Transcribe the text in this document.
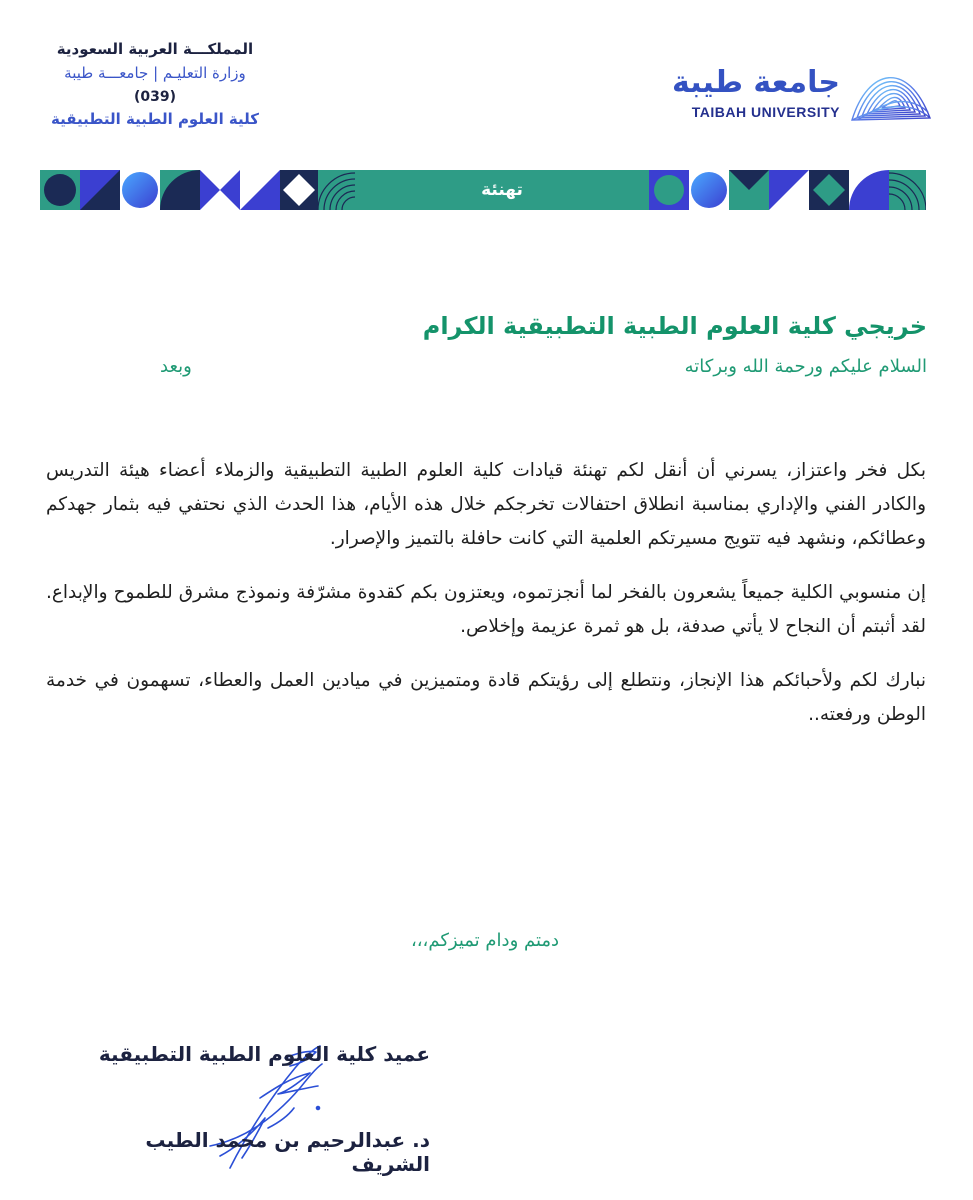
جامعة طيبة
TAIBAH UNIVERSITY
المملكـــة العربية السعودية
وزارة التعليـم | جامعـــة طيبة
(039)
كلية العلوم الطبية التطبيقية
تهنئة
خريجي كلية العلوم الطبية التطبيقية الكرام
السلام عليكم ورحمة الله وبركاته
وبعد

بكل فخر واعتزاز، يسرني أن أنقل لكم تهنئة قيادات كلية العلوم الطبية التطبيقية والزملاء أعضاء هيئة التدريس والكادر الفني والإداري بمناسبة انطلاق احتفالات تخرجكم خلال هذه الأيام، هذا الحدث الذي نحتفي فيه بثمار جهدكم وعطائكم، ونشهد فيه تتويج مسيرتكم العلمية التي كانت حافلة بالتميز والإصرار.

إن منسوبي الكلية جميعاً يشعرون بالفخر لما أنجزتموه، ويعتزون بكم كقدوة مشرّفة ونموذج مشرق للطموح والإبداع. لقد أثبتم أن النجاح لا يأتي صدفة، بل هو ثمرة عزيمة وإخلاص.

نبارك لكم ولأحبائكم هذا الإنجاز، ونتطلع إلى رؤيتكم قادة ومتميزين في ميادين العمل والعطاء، تسهمون في خدمة الوطن ورفعته..

دمتم ودام تميزكم،،،
عميد كلية العلوم الطبية التطبيقية
د. عبدالرحيم بن محمد الطيب الشريف
